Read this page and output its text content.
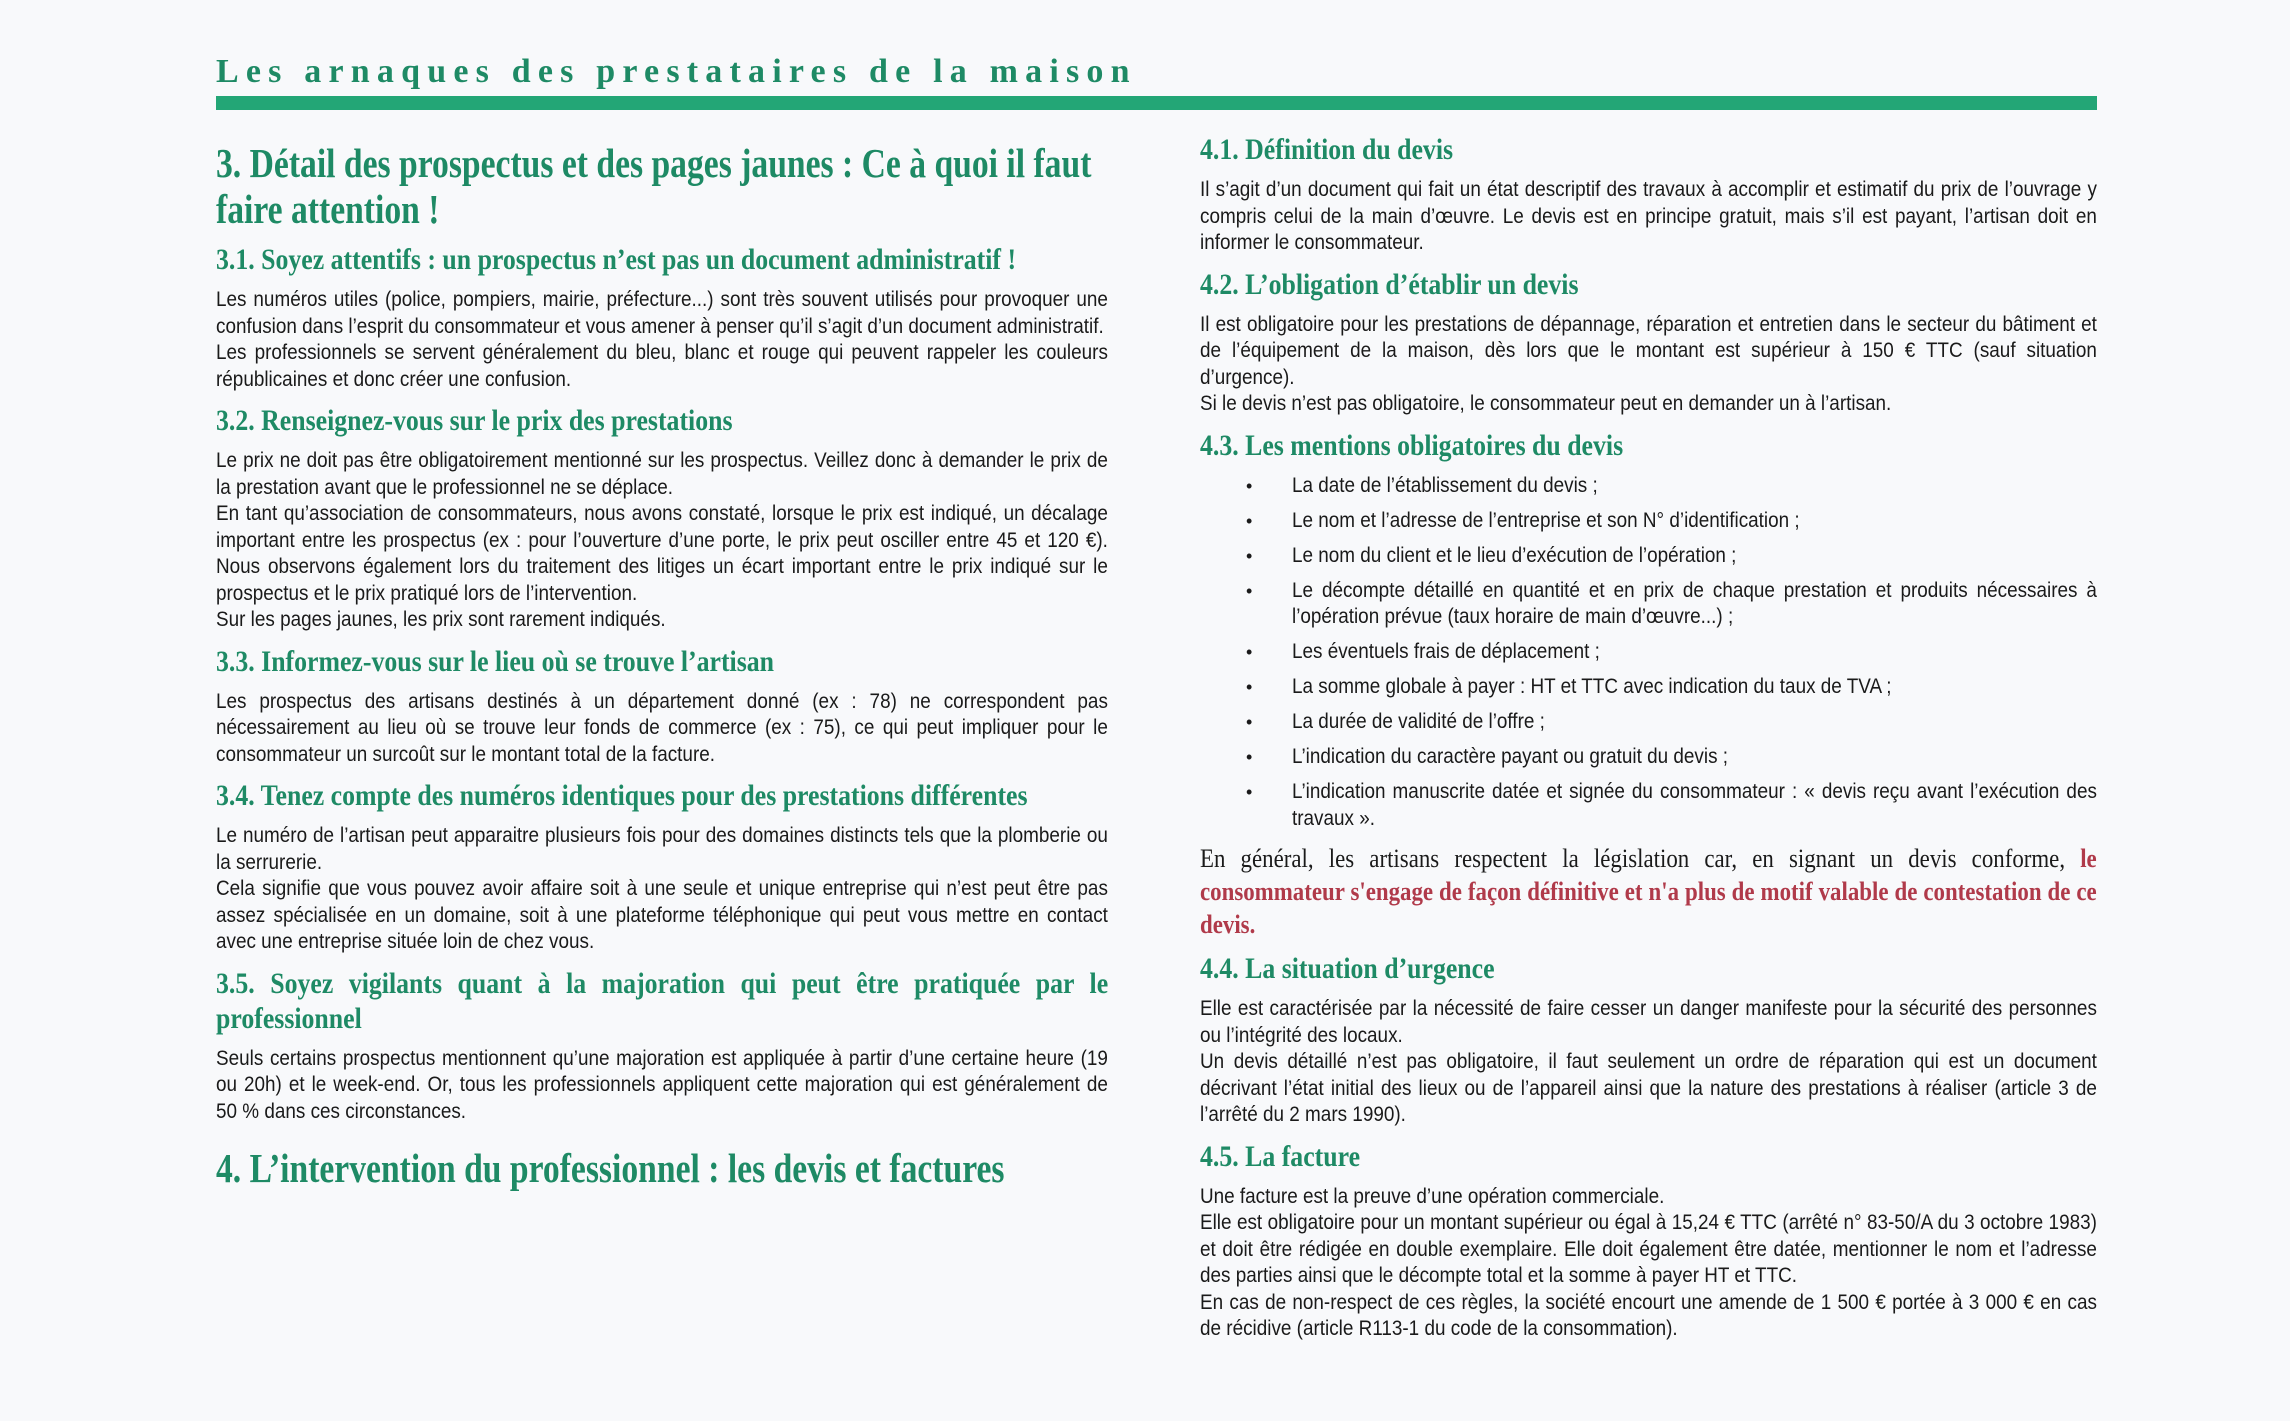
Les arnaques des prestataires de la maison
3. Détail des prospectus et des pages jaunes : Ce à quoi il faut faire attention !
3.1. Soyez attentifs : un prospectus n’est pas un document administratif !

Les numéros utiles (police, pompiers, mairie, préfecture...) sont très souvent utilisés pour provoquer une confusion dans l’esprit du consommateur et vous amener à penser qu’il s’agit d’un document administratif.

Les professionnels se servent généralement du bleu, blanc et rouge qui peuvent rappeler les couleurs républicaines et donc créer une confusion.

3.2. Renseignez-vous sur le prix des prestations

Le prix ne doit pas être obligatoirement mentionné sur les prospectus. Veillez donc à demander le prix de la prestation avant que le professionnel ne se déplace.

En tant qu’association de consommateurs, nous avons constaté, lorsque le prix est indiqué, un décalage important entre les prospectus (ex : pour l’ouverture d’une porte, le prix peut osciller entre 45 et 120 €). Nous observons également lors du traitement des litiges un écart important entre le prix indiqué sur le prospectus et le prix pratiqué lors de l’intervention.

Sur les pages jaunes, les prix sont rarement indiqués.

3.3. Informez-vous sur le lieu où se trouve l’artisan

Les prospectus des artisans destinés à un département donné (ex : 78) ne correspondent pas nécessairement au lieu où se trouve leur fonds de commerce (ex : 75), ce qui peut impliquer pour le consommateur un surcoût sur le montant total de la facture.

3.4. Tenez compte des numéros identiques pour des prestations différentes

Le numéro de l’artisan peut apparaitre plusieurs fois pour des domaines distincts tels que la plomberie ou la serrurerie.

Cela signifie que vous pouvez avoir affaire soit à une seule et unique entreprise qui n’est peut être pas assez spécialisée en un domaine, soit à une plateforme téléphonique qui peut vous mettre en contact avec une entreprise située loin de chez vous.

3.5. Soyez vigilants quant à la majoration qui peut être pratiquée par le professionnel

Seuls certains prospectus mentionnent qu’une majoration est appliquée à partir d’une certaine heure (19 ou 20h) et le week-end. Or, tous les professionnels appliquent cette majoration qui est généralement de 50 % dans ces circonstances.

4. L’intervention du professionnel : les devis et factures
4.1. Définition du devis

Il s’agit d’un document qui fait un état descriptif des travaux à accomplir et estimatif du prix de l’ouvrage y compris celui de la main d’œuvre. Le devis est en principe gratuit, mais s’il est payant, l’artisan doit en informer le consommateur.

4.2. L’obligation d’établir un devis

Il est obligatoire pour les prestations de dépannage, réparation et entretien dans le secteur du bâtiment et de l’équipement de la maison, dès lors que le montant est supérieur à 150 € TTC (sauf situation d’urgence).

Si le devis n’est pas obligatoire, le consommateur peut en demander un à l’artisan.

4.3. Les mentions obligatoires du devis
• La date de l’établissement du devis ;
• Le nom et l’adresse de l’entreprise et son N° d’identification ;
• Le nom du client et le lieu d’exécution de l’opération ;
• Le décompte détaillé en quantité et en prix de chaque prestation et produits nécessaires à l’opération prévue (taux horaire de main d’œuvre...) ;
• Les éventuels frais de déplacement ;
• La somme globale à payer : HT et TTC avec indication du taux de TVA ;
• La durée de validité de l’offre ;
• L’indication du caractère payant ou gratuit du devis ;
• L’indication manuscrite datée et signée du consommateur : « devis reçu avant l’exécution des travaux ».

En général, les artisans respectent la législation car, en signant un devis conforme, le consommateur s'engage de façon définitive et n'a plus de motif valable de contestation de ce devis.

4.4. La situation d’urgence

Elle est caractérisée par la nécessité de faire cesser un danger manifeste pour la sécurité des personnes ou l’intégrité des locaux.

Un devis détaillé n’est pas obligatoire, il faut seulement un ordre de réparation qui est un document décrivant l’état initial des lieux ou de l’appareil ainsi que la nature des prestations à réaliser (article 3 de l’arrêté du 2 mars 1990).

4.5. La facture

Une facture est la preuve d’une opération commerciale.

Elle est obligatoire pour un montant supérieur ou égal à 15,24 € TTC (arrêté n° 83-50/A du 3 octobre 1983) et doit être rédigée en double exemplaire. Elle doit également être datée, mentionner le nom et l’adresse des parties ainsi que le décompte total et la somme à payer HT et TTC.

En cas de non-respect de ces règles, la société encourt une amende de 1 500 € portée à 3 000 € en cas de récidive (article R113-1 du code de la consommation).
